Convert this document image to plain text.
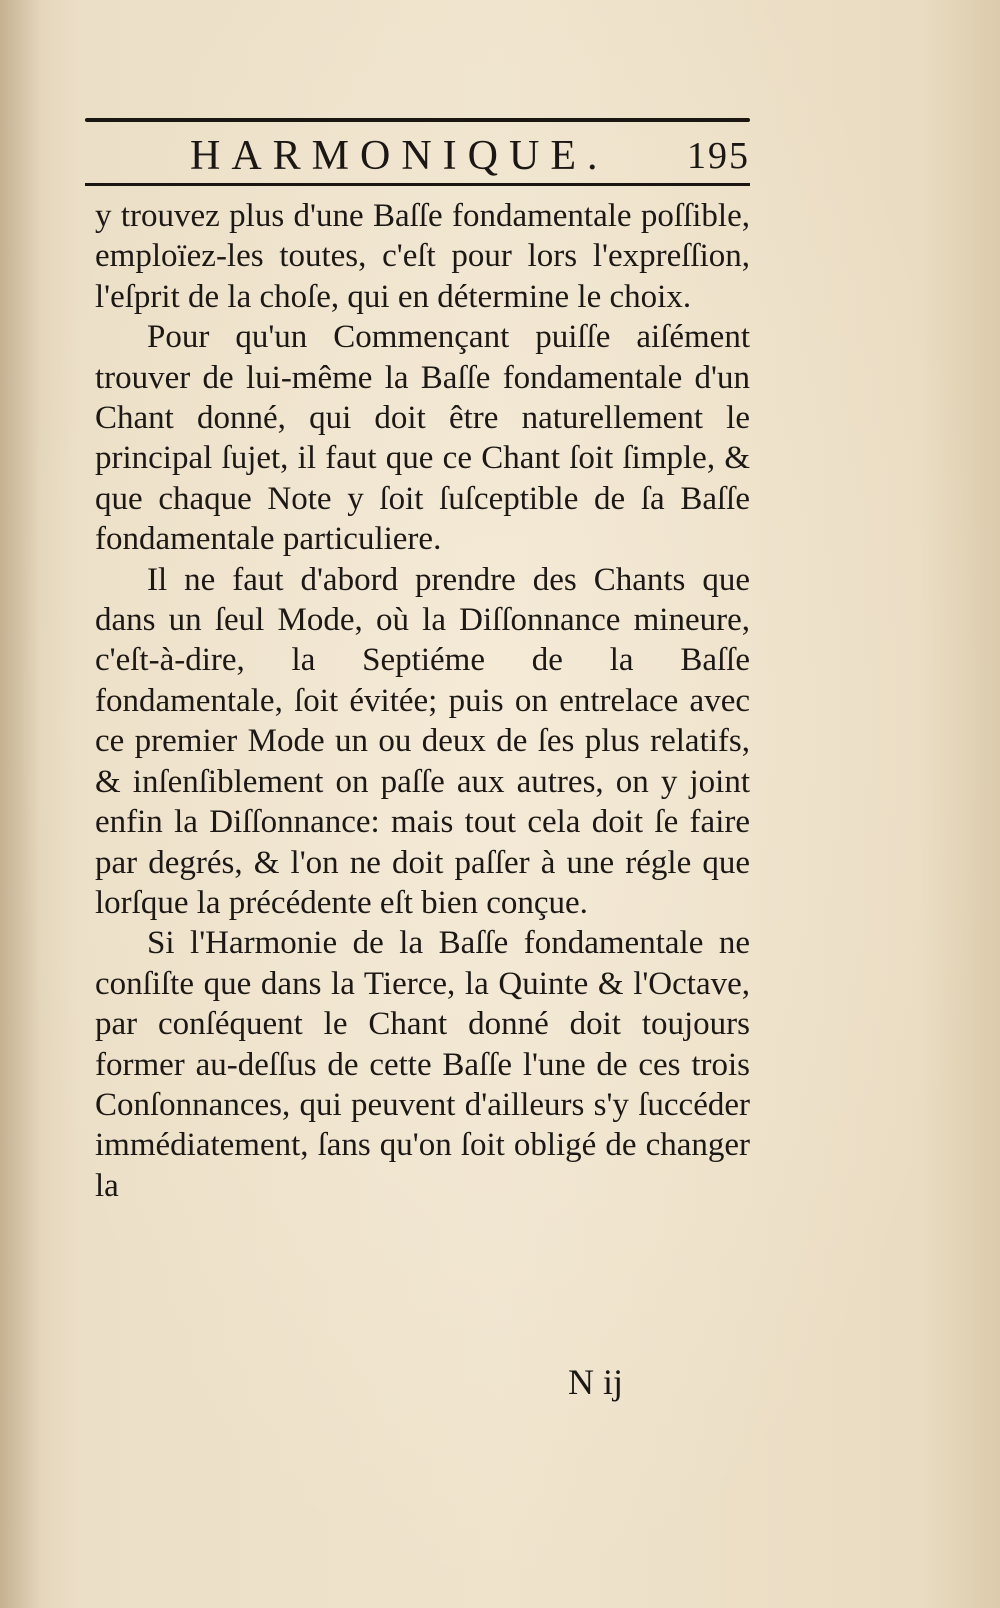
HARMONIQUE. 195

y trouvez plus d'une Baſſe fondamentale poſſible, emploïez-les toutes, c'eſt pour lors l'expreſſion, l'eſprit de la choſe, qui en détermine le choix.

Pour qu'un Commençant puiſſe aiſément trouver de lui-même la Baſſe fondamentale d'un Chant donné, qui doit être naturellement le principal ſujet, il faut que ce Chant ſoit ſimple, & que chaque Note y ſoit ſuſceptible de ſa Baſſe fondamentale particuliere.

Il ne faut d'abord prendre des Chants que dans un ſeul Mode, où la Diſſonnance mineure, c'eſt-à-dire, la Septiéme de la Baſſe fondamentale, ſoit évitée; puis on entrelace avec ce premier Mode un ou deux de ſes plus relatifs, & inſenſiblement on paſſe aux autres, on y joint enfin la Diſſonnance: mais tout cela doit ſe faire par degrés, & l'on ne doit paſſer à une régle que lorſque la précédente eſt bien conçue.

Si l'Harmonie de la Baſſe fondamentale ne conſiſte que dans la Tierce, la Quinte & l'Octave, par conſéquent le Chant donné doit toujours former au-deſſus de cette Baſſe l'une de ces trois Conſonnances, qui peuvent d'ailleurs s'y ſuccéder immédiatement, ſans qu'on ſoit obligé de changer la

N ij
